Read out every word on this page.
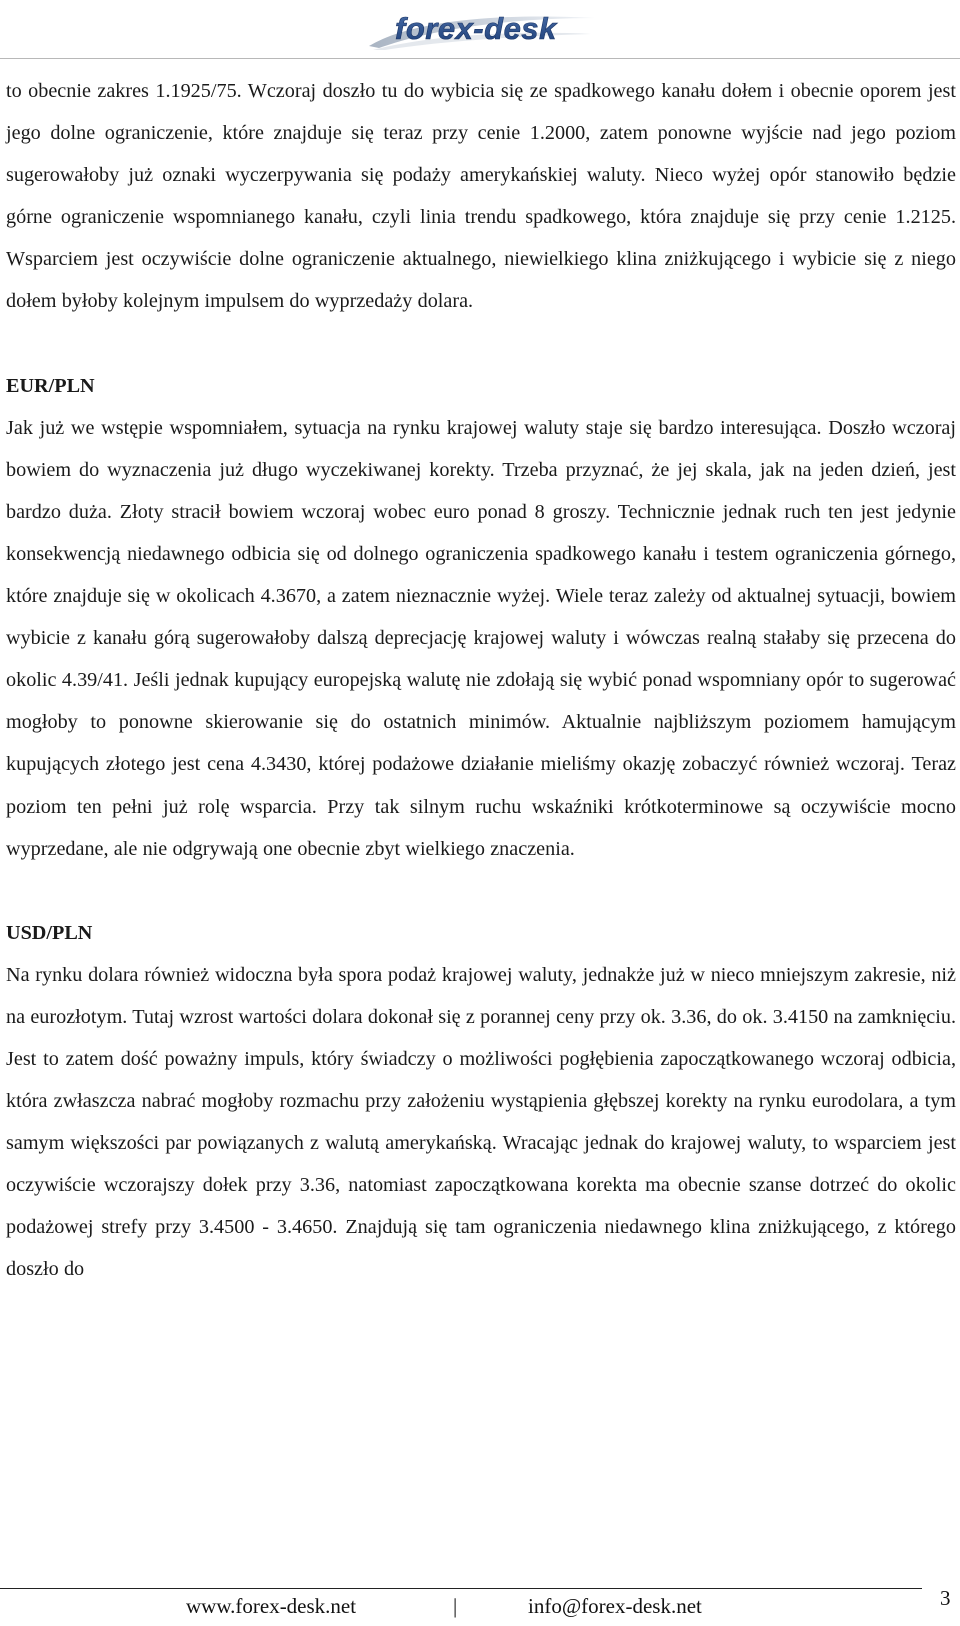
forex-desk

to obecnie zakres 1.1925/75. Wczoraj doszło tu do wybicia się ze spadkowego kanału dołem i obecnie oporem jest jego dolne ograniczenie, które znajduje się teraz przy cenie 1.2000, zatem ponowne wyjście nad jego poziom sugerowałoby już oznaki wyczerpywania się podaży amerykańskiej waluty. Nieco wyżej opór stanowiło będzie górne ograniczenie wspomnianego kanału, czyli linia trendu spadkowego, która znajduje się przy cenie 1.2125. Wsparciem jest oczywiście dolne ograniczenie aktualnego, niewielkiego klina zniżkującego i wybicie się z niego dołem byłoby kolejnym impulsem do wyprzedaży dolara.

EUR/PLN

Jak już we wstępie wspomniałem, sytuacja na rynku krajowej waluty staje się bardzo interesująca. Doszło wczoraj bowiem do wyznaczenia już długo wyczekiwanej korekty. Trzeba przyznać, że jej skala, jak na jeden dzień, jest bardzo duża. Złoty stracił bowiem wczoraj wobec euro ponad 8 groszy. Technicznie jednak ruch ten jest jedynie konsekwencją niedawnego odbicia się od dolnego ograniczenia spadkowego kanału i testem ograniczenia górnego, które znajduje się w okolicach 4.3670, a zatem nieznacznie wyżej. Wiele teraz zależy od aktualnej sytuacji, bowiem wybicie z kanału górą sugerowałoby dalszą deprecjację krajowej waluty i wówczas realną stałaby się przecena do okolic 4.39/41. Jeśli jednak kupujący europejską walutę nie zdołają się wybić ponad wspomniany opór to sugerować mogłoby to ponowne skierowanie się do ostatnich minimów. Aktualnie najbliższym poziomem hamującym kupujących złotego jest cena 4.3430, której podażowe działanie mieliśmy okazję zobaczyć również wczoraj. Teraz poziom ten pełni już rolę wsparcia. Przy tak silnym ruchu wskaźniki krótkoterminowe są oczywiście mocno wyprzedane, ale nie odgrywają one obecnie zbyt wielkiego znaczenia.

USD/PLN

Na rynku dolara również widoczna była spora podaż krajowej waluty, jednakże już w nieco mniejszym zakresie, niż na eurozłotym. Tutaj wzrost wartości dolara dokonał się z porannej ceny przy ok. 3.36, do ok. 3.4150 na zamknięciu. Jest to zatem dość poważny impuls, który świadczy o możliwości pogłębienia zapoczątkowanego wczoraj odbicia, która zwłaszcza nabrać mogłoby rozmachu przy założeniu wystąpienia głębszej korekty na rynku eurodolara, a tym samym większości par powiązanych z walutą amerykańską. Wracając jednak do krajowej waluty, to wsparciem jest oczywiście wczorajszy dołek przy 3.36, natomiast zapoczątkowana korekta ma obecnie szanse dotrzeć do okolic podażowej strefy przy 3.4500 - 3.4650. Znajdują się tam ograniczenia niedawnego klina zniżkującego, z którego doszło do

www.forex-desk.net	|	info@forex-desk.net	3
